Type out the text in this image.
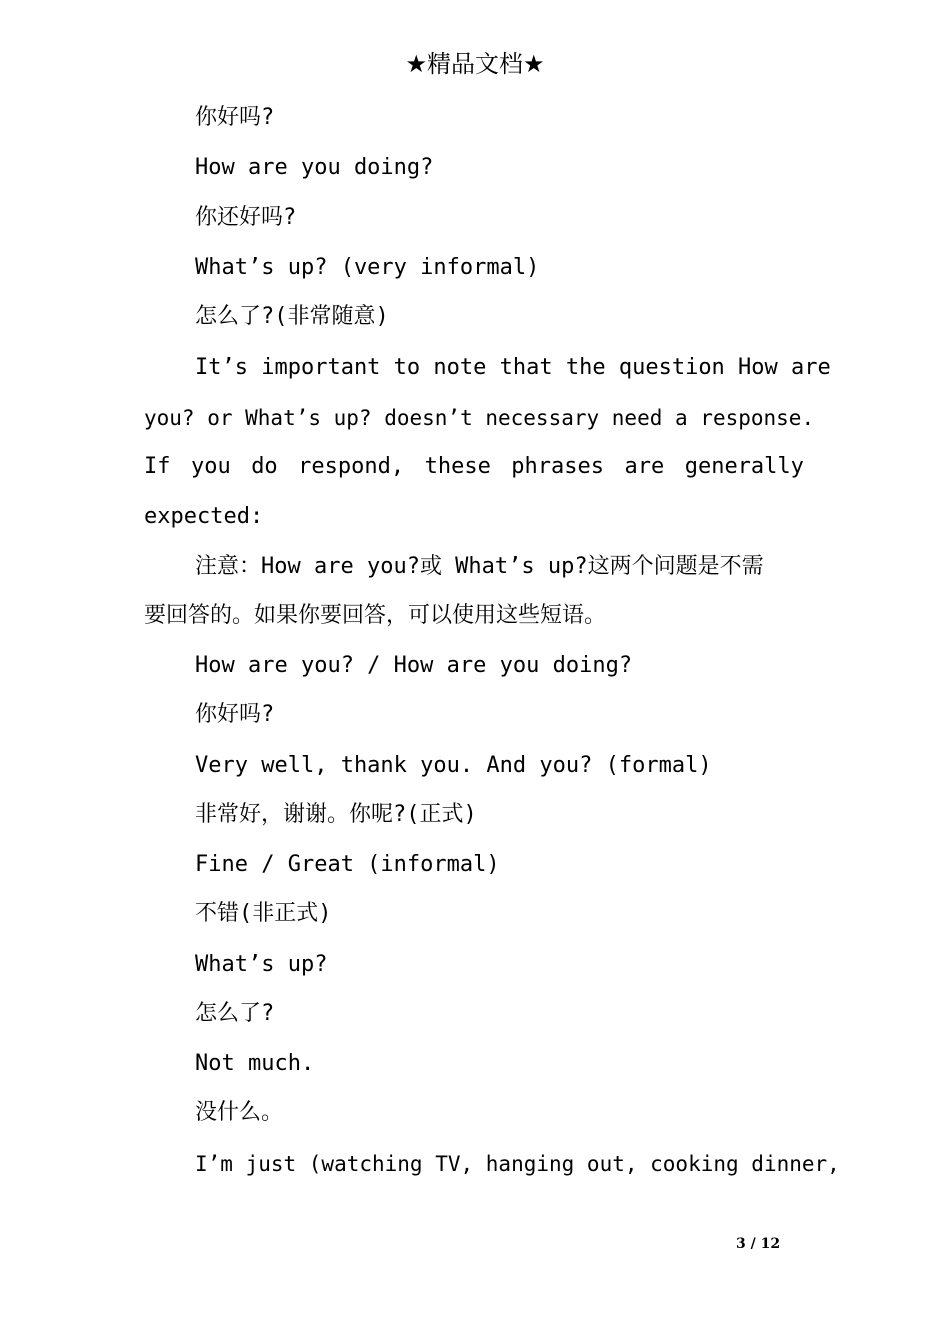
★精品文档★
你好吗?
How are you doing?
你还好吗?
What’s up? (very informal)
怎么了?(非常随意)
It’s important to note that the question How are
you? or What’s up? doesn’t necessary need a response.
If you do respond, these phrases are generally
expected:
注意：How are you?或 What’s up?这两个问题是不需
要回答的。如果你要回答，可以使用这些短语。
How are you? / How are you doing?
你好吗?
Very well, thank you. And you? (formal)
非常好，谢谢。你呢?(正式)
Fine / Great (informal)
不错(非正式)
What’s up?
怎么了?
Not much.
没什么。
I’m just (watching TV, hanging out, cooking dinner,
3 / 12
